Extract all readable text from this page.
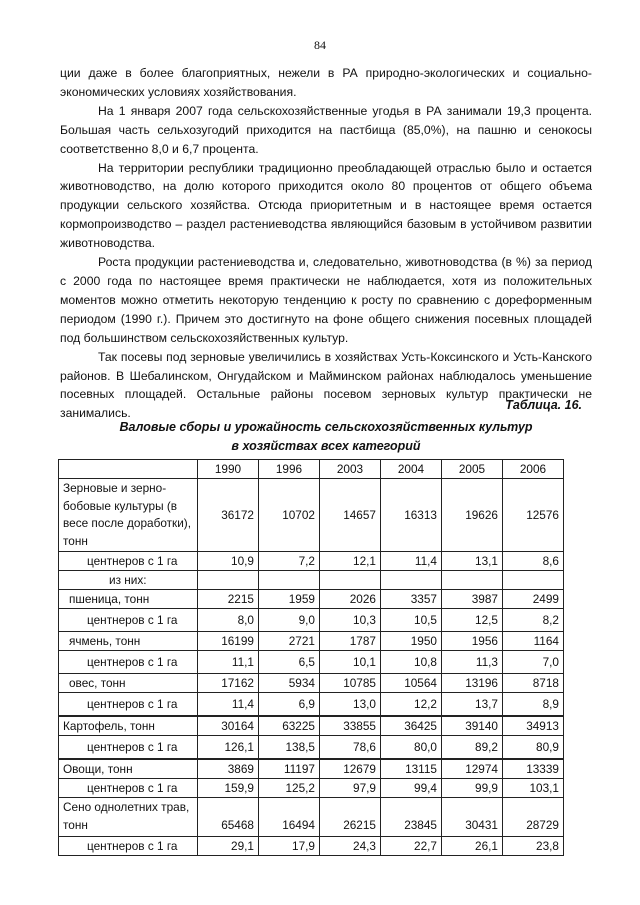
84

ции даже в более благоприятных, нежели в РА природно-экологических и социально-экономических условиях хозяйствования.

На 1 января 2007 года сельскохозяйственные угодья в РА занимали 19,3 процента. Большая часть сельхозугодий приходится на пастбища (85,0%), на пашню и сенокосы соответственно 8,0 и 6,7 процента.

На территории республики традиционно преобладающей отраслью было и остается животноводство, на долю которого приходится около 80 процентов от общего объема продукции сельского хозяйства. Отсюда приоритетным и в настоящее время остается кормопроизводство – раздел растениеводства являющийся базовым в устойчивом развитии животноводства.

Роста продукции растениеводства и, следовательно, животноводства (в %) за период с 2000 года по настоящее время практически не наблюдается, хотя из положительных моментов можно отметить некоторую тенденцию к росту по сравнению с дореформенным периодом (1990 г.). Причем это достигнуто на фоне общего снижения посевных площадей под большинством сельскохозяйственных культур.

Так посевы под зерновые увеличились в хозяйствах Усть-Коксинского и Усть-Канского районов. В Шебалинском, Онгудайском и Майминском районах наблюдалось уменьшение посевных площадей. Остальные районы посевом зерновых культур практически не занимались.

Таблица. 16.
Валовые сборы и урожайность сельскохозяйственных культур
в хозяйствах всех категорий
	1990	1996	2003	2004	2005	2006
Зерновые и зерно-бобовые культуры (в весе после доработки), тонн	36172	10702	14657	16313	19626	12576
центнеров с 1 га	10,9	7,2	12,1	11,4	13,1	8,6
из них:						
пшеница, тонн	2215	1959	2026	3357	3987	2499
центнеров с 1 га	8,0	9,0	10,3	10,5	12,5	8,2
ячмень, тонн	16199	2721	1787	1950	1956	1164
центнеров с 1 га	11,1	6,5	10,1	10,8	11,3	7,0
овес, тонн	17162	5934	10785	10564	13196	8718
центнеров с 1 га	11,4	6,9	13,0	12,2	13,7	8,9
Картофель, тонн	30164	63225	33855	36425	39140	34913
центнеров с 1 га	126,1	138,5	78,6	80,0	89,2	80,9
Овощи, тонн	3869	11197	12679	13115	12974	13339
центнеров с 1 га	159,9	125,2	97,9	99,4	99,9	103,1
Сено однолетних трав, тонн	65468	16494	26215	23845	30431	28729
центнеров с 1 га	29,1	17,9	24,3	22,7	26,1	23,8
